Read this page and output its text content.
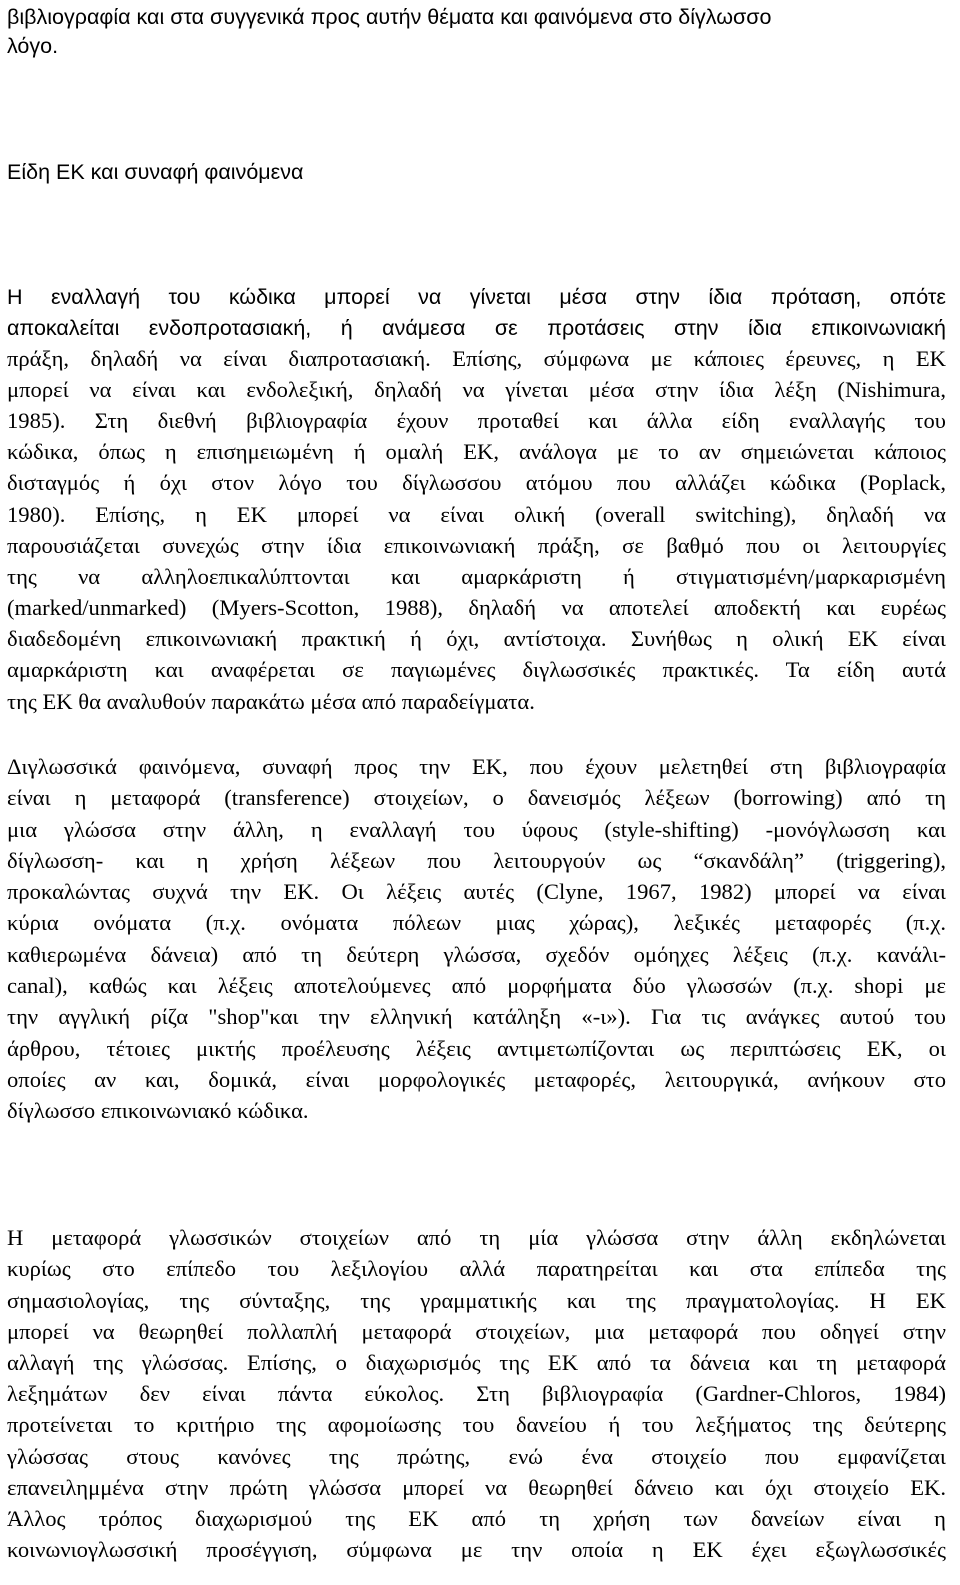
βιβλιογραφία και στα συγγενικά προς αυτήν θέματα και φαινόμενα στο δίγλωσσο
λόγο.
Είδη ΕΚ και συναφή φαινόμενα
Η εναλλαγή του κώδικα μπορεί να γίνεται μέσα στην ίδια πρόταση, οπότε
αποκαλείται ενδοπροτασιακή, ή ανάμεσα σε προτάσεις στην ίδια επικοινωνιακή
πράξη, δηλαδή να είναι διαπροτασιακή. Επίσης, σύμφωνα με κάποιες έρευνες, η ΕΚ
μπορεί να είναι και ενδολεξική, δηλαδή να γίνεται μέσα στην ίδια λέξη (Nishimura,
1985). Στη διεθνή βιβλιογραφία έχουν προταθεί και άλλα είδη εναλλαγής του
κώδικα, όπως η επισημειωμένη ή ομαλή ΕΚ, ανάλογα με το αν σημειώνεται κάποιος
δισταγμός ή όχι στον λόγο του δίγλωσσου ατόμου που αλλάζει κώδικα (Poplack,
1980). Επίσης, η ΕΚ μπορεί να είναι ολική (overall switching), δηλαδή να
παρουσιάζεται συνεχώς στην ίδια επικοινωνιακή πράξη, σε βαθμό που οι λειτουργίες
της να αλληλοεπικαλύπτονται και αμαρκάριστη ή στιγματισμένη/μαρκαρισμένη
(marked/unmarked) (Myers-Scotton, 1988), δηλαδή να αποτελεί αποδεκτή και ευρέως
διαδεδομένη επικοινωνιακή πρακτική ή όχι, αντίστοιχα. Συνήθως η ολική ΕΚ είναι
αμαρκάριστη και αναφέρεται σε παγιωμένες διγλωσσικές πρακτικές. Τα είδη αυτά
της ΕΚ θα αναλυθούν παρακάτω μέσα από παραδείγματα.
Διγλωσσικά φαινόμενα, συναφή προς την ΕΚ, που έχουν μελετηθεί στη βιβλιογραφία
είναι η μεταφορά (transference) στοιχείων, ο δανεισμός λέξεων (borrowing) από τη
μια γλώσσα στην άλλη, η εναλλαγή του ύφους (style-shifting) -μονόγλωσση και
δίγλωσση- και η χρήση λέξεων που λειτουργούν ως “σκανδάλη” (triggering),
προκαλώντας συχνά την ΕΚ. Οι λέξεις αυτές (Clyne, 1967, 1982) μπορεί να είναι
κύρια ονόματα (π.χ. ονόματα πόλεων μιας χώρας), λεξικές μεταφορές (π.χ.
καθιερωμένα δάνεια) από τη δεύτερη γλώσσα, σχεδόν ομόηχες λέξεις (π.χ. κανάλι-
canal), καθώς και λέξεις αποτελούμενες από μορφήματα δύο γλωσσών (π.χ. shopi με
την αγγλική ρίζα "shop"και την ελληνική κατάληξη «-ι»). Για τις ανάγκες αυτού του
άρθρου, τέτοιες μικτής προέλευσης λέξεις αντιμετωπίζονται ως περιπτώσεις ΕΚ, οι
οποίες αν και, δομικά, είναι μορφολογικές μεταφορές, λειτουργικά, ανήκουν στο
δίγλωσσο επικοινωνιακό κώδικα.
Η μεταφορά γλωσσικών στοιχείων από τη μία γλώσσα στην άλλη εκδηλώνεται
κυρίως στο επίπεδο του λεξιλογίου αλλά παρατηρείται και στα επίπεδα της
σημασιολογίας, της σύνταξης, της γραμματικής και της πραγματολογίας. Η ΕΚ
μπορεί να θεωρηθεί πολλαπλή μεταφορά στοιχείων, μια μεταφορά που οδηγεί στην
αλλαγή της γλώσσας. Επίσης, ο διαχωρισμός της ΕΚ από τα δάνεια και τη μεταφορά
λεξημάτων δεν είναι πάντα εύκολος. Στη βιβλιογραφία (Gardner-Chloros, 1984)
προτείνεται το κριτήριο της αφομοίωσης του δανείου ή του λεξήματος της δεύτερης
γλώσσας στους κανόνες της πρώτης, ενώ ένα στοιχείο που εμφανίζεται
επανειλημμένα στην πρώτη γλώσσα μπορεί να θεωρηθεί δάνειο και όχι στοιχείο ΕΚ.
Άλλος τρόπος διαχωρισμού της ΕΚ από τη χρήση των δανείων είναι η
κοινωνιογλωσσική προσέγγιση, σύμφωνα με την οποία η ΕΚ έχει εξωγλωσσικές
